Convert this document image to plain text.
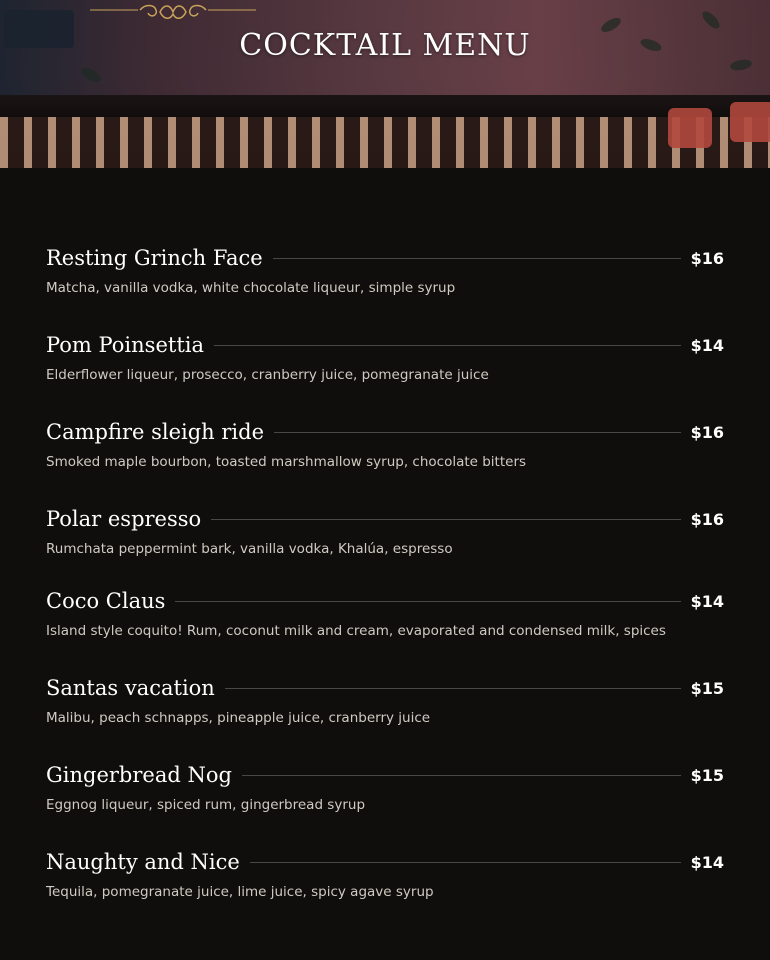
COCKTAIL MENU
Resting Grinch Face	$16
Matcha, vanilla vodka, white chocolate liqueur, simple syrup
Pom Poinsettia	$14
Elderflower liqueur, prosecco, cranberry juice, pomegranate juice
Campfire sleigh ride	$16
Smoked maple bourbon, toasted marshmallow syrup, chocolate bitters
Polar espresso	$16
Rumchata peppermint bark, vanilla vodka, Khalúa, espresso
Coco Claus	$14
Island style coquito! Rum, coconut milk and cream, evaporated and condensed milk, spices
Santas vacation	$15
Malibu, peach schnapps, pineapple juice, cranberry juice
Gingerbread Nog	$15
Eggnog liqueur, spiced rum, gingerbread syrup
Naughty and Nice	$14
Tequila, pomegranate juice, lime juice, spicy agave syrup
